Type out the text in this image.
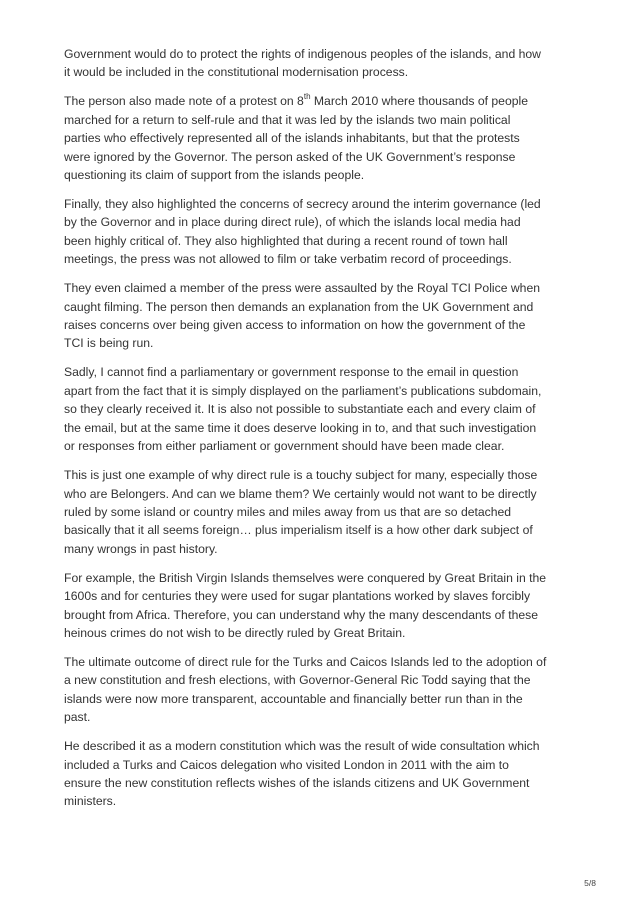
Government would do to protect the rights of indigenous peoples of the islands, and how
it would be included in the constitutional modernisation process.

The person also made note of a protest on 8th March 2010 where thousands of people
marched for a return to self-rule and that it was led by the islands two main political
parties who effectively represented all of the islands inhabitants, but that the protests
were ignored by the Governor. The person asked of the UK Government’s response
questioning its claim of support from the islands people.

Finally, they also highlighted the concerns of secrecy around the interim governance (led
by the Governor and in place during direct rule), of which the islands local media had
been highly critical of. They also highlighted that during a recent round of town hall
meetings, the press was not allowed to film or take verbatim record of proceedings.

They even claimed a member of the press were assaulted by the Royal TCI Police when
caught filming. The person then demands an explanation from the UK Government and
raises concerns over being given access to information on how the government of the
TCI is being run.

Sadly, I cannot find a parliamentary or government response to the email in question
apart from the fact that it is simply displayed on the parliament’s publications subdomain,
so they clearly received it. It is also not possible to substantiate each and every claim of
the email, but at the same time it does deserve looking in to, and that such investigation
or responses from either parliament or government should have been made clear.

This is just one example of why direct rule is a touchy subject for many, especially those
who are Belongers. And can we blame them? We certainly would not want to be directly
ruled by some island or country miles and miles away from us that are so detached
basically that it all seems foreign… plus imperialism itself is a how other dark subject of
many wrongs in past history.

For example, the British Virgin Islands themselves were conquered by Great Britain in the
1600s and for centuries they were used for sugar plantations worked by slaves forcibly
brought from Africa. Therefore, you can understand why the many descendants of these
heinous crimes do not wish to be directly ruled by Great Britain.

The ultimate outcome of direct rule for the Turks and Caicos Islands led to the adoption of
a new constitution and fresh elections, with Governor-General Ric Todd saying that the
islands were now more transparent, accountable and financially better run than in the
past.

He described it as a modern constitution which was the result of wide consultation which
included a Turks and Caicos delegation who visited London in 2011 with the aim to
ensure the new constitution reflects wishes of the islands citizens and UK Government
ministers.

5/8
